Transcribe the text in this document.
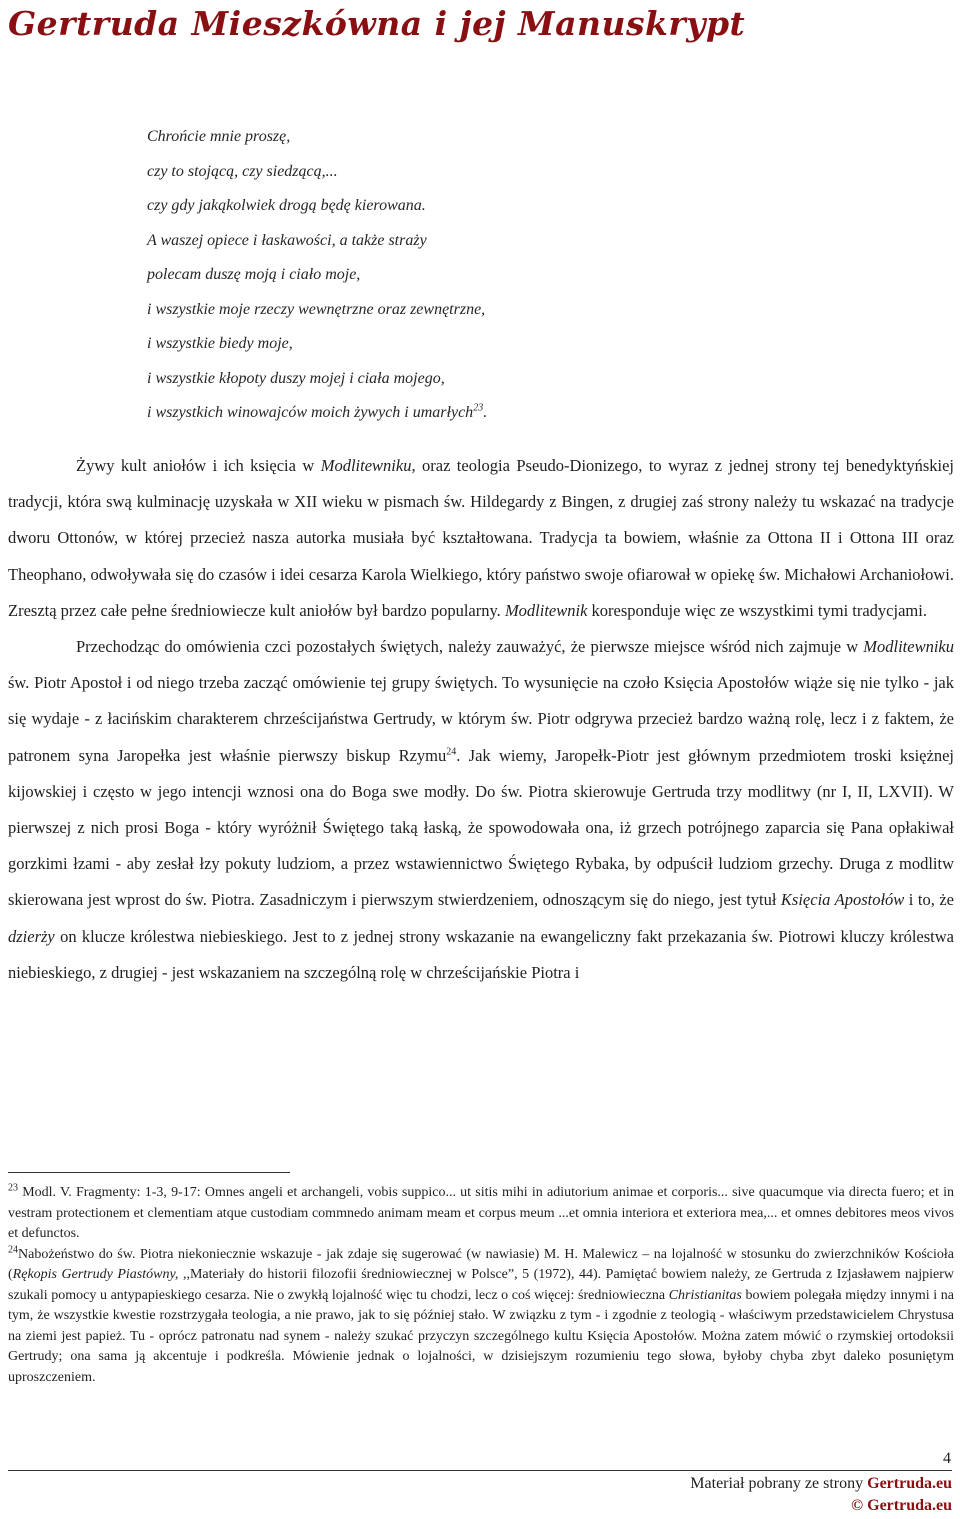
Gertruda Mieszkówna i jej Manuskrypt
Chrońcie mnie proszę,
czy to stojącą, czy siedzącą,...
czy gdy jakąkolwiek drogą będę kierowana.
A waszej opiece i łaskawości, a także straży
polecam duszę moją i ciało moje,
i wszystkie moje rzeczy wewnętrzne oraz zewnętrzne,
i wszystkie biedy moje,
i wszystkie kłopoty duszy mojej i ciała mojego,
i wszystkich winowajców moich żywych i umarłych$^{23}$.

Żywy kult aniołów i ich księcia w Modlitewniku, oraz teologia Pseudo-Dionizego, to wyraz z jednej strony tej benedyktyńskiej tradycji, która swą kulminację uzyskała w XII wieku w pismach św. Hildegardy z Bingen, z drugiej zaś strony należy tu wskazać na tradycje dworu Ottonów, w której przecież nasza autorka musiała być kształtowana. Tradycja ta bowiem, właśnie za Ottona II i Ottona III oraz Theophano, odwoływała się do czasów i idei cesarza Karola Wielkiego, który państwo swoje ofiarował w opiekę św. Michałowi Archaniołowi. Zresztą przez całe pełne średniowiecze kult aniołów był bardzo popularny. Modlitewnik koresponduje więc ze wszystkimi tymi tradycjami.

Przechodząc do omówienia czci pozostałych świętych, należy zauważyć, że pierwsze miejsce wśród nich zajmuje w Modlitewniku św. Piotr Apostoł i od niego trzeba zacząć omówienie tej grupy świętych. To wysunięcie na czoło Księcia Apostołów wiąże się nie tylko - jak się wydaje - z łacińskim charakterem chrześcijaństwa Gertrudy, w którym św. Piotr odgrywa przecież bardzo ważną rolę, lecz i z faktem, że patronem syna Jaropełka jest właśnie pierwszy biskup Rzymu$^{24}$. Jak wiemy, Jaropełk-Piotr jest głównym przedmiotem troski księżnej kijowskiej i często w jego intencji wznosi ona do Boga swe modły. Do św. Piotra skierowuje Gertruda trzy modlitwy (nr I, II, LXVII). W pierwszej z nich prosi Boga - który wyróżnił Świętego taką łaską, że spowodowała ona, iż grzech potrójnego zaparcia się Pana opłakiwał gorzkimi łzami - aby zesłał łzy pokuty ludziom, a przez wstawiennictwo Świętego Rybaka, by odpuścił ludziom grzechy. Druga z modlitw skierowana jest wprost do św. Piotra. Zasadniczym i pierwszym stwierdzeniem, odnoszącym się do niego, jest tytuł Księcia Apostołów i to, że dzierży on klucze królestwa niebieskiego. Jest to z jednej strony wskazanie na ewangeliczny fakt przekazania św. Piotrowi kluczy królestwa niebieskiego, z drugiej - jest wskazaniem na szczególną rolę w chrześcijańskie Piotra i

$^{23}$ Modl. V. Fragmenty: 1-3, 9-17: Omnes angeli et archangeli, vobis suppico... ut sitis mihi in adiutorium animae et corporis... sive quacumque via directa fuero; et in vestram protectionem et clementiam atque custodiam commnedo animam meam et corpus meum ...et omnia interiora et exteriora mea,... et omnes debitores meos vivos et defunctos.

$^{24}$Nabożeństwo do św. Piotra niekoniecznie wskazuje - jak zdaje się sugerować (w nawiasie) M. H. Malewicz – na lojalność w stosunku do zwierzchników Kościoła (Rękopis Gertrudy Piastówny, ,,Materiały do historii filozofii średniowiecznej w Polsce”, 5 (1972), 44). Pamiętać bowiem należy, ze Gertruda z Izjasławem najpierw szukali pomocy u antypapieskiego cesarza. Nie o zwykłą lojalność więc tu chodzi, lecz o coś więcej: średniowieczna Christianitas bowiem polegała między innymi i na tym, że wszystkie kwestie rozstrzygała teologia, a nie prawo, jak to się później stało. W związku z tym - i zgodnie z teologią - właściwym przedstawicielem Chrystusa na ziemi jest papież. Tu - oprócz patronatu nad synem - należy szukać przyczyn szczególnego kultu Księcia Apostołów. Można zatem mówić o rzymskiej ortodoksii Gertrudy; ona sama ją akcentuje i podkreśla. Mówienie jednak o lojalności, w dzisiejszym rozumieniu tego słowa, byłoby chyba zbyt daleko posuniętym uproszczeniem.

4
Materiał pobrany ze strony Gertruda.eu
© Gertruda.eu
